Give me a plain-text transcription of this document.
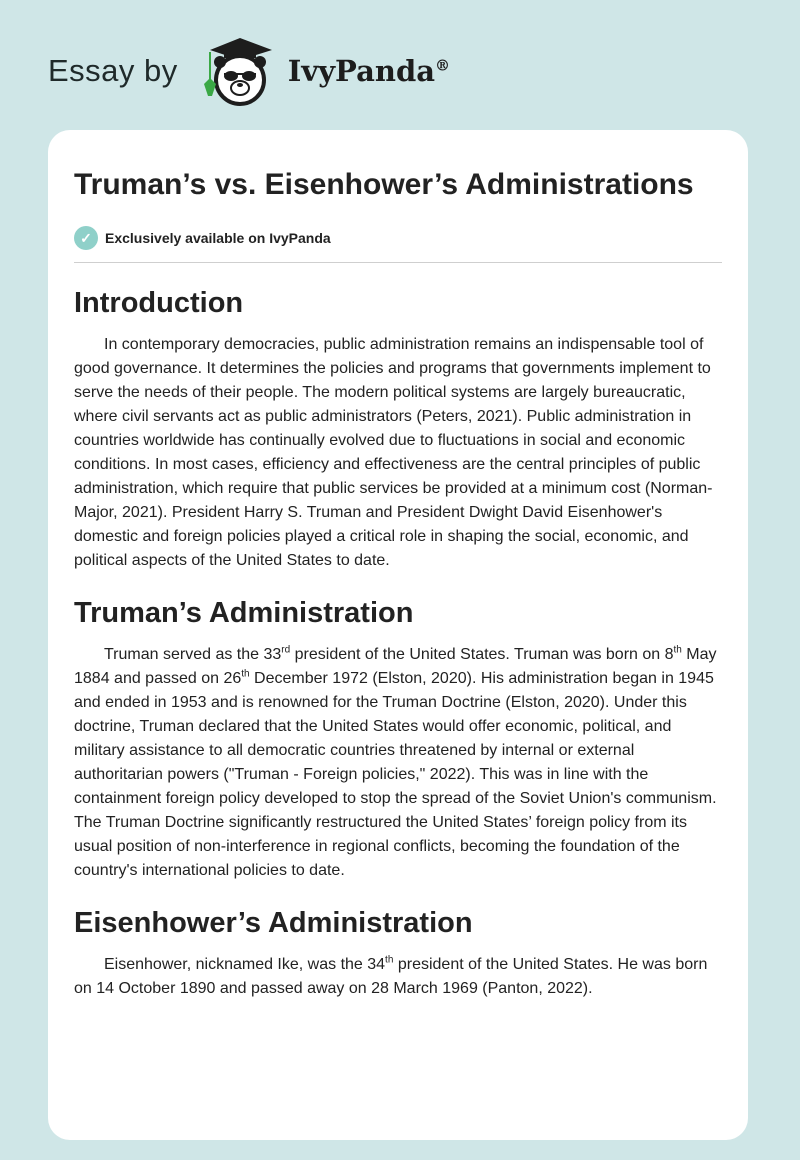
Essay by	IvyPanda®
Truman’s vs. Eisenhower’s Administrations
✓ Exclusively available on IvyPanda
Introduction

In contemporary democracies, public administration remains an indispensable tool of good governance. It determines the policies and programs that governments implement to serve the needs of their people. The modern political systems are largely bureaucratic, where civil servants act as public administrators (Peters, 2021). Public administration in countries worldwide has continually evolved due to fluctuations in social and economic conditions. In most cases, efficiency and effectiveness are the central principles of public administration, which require that public services be provided at a minimum cost (Norman-Major, 2021). President Harry S. Truman and President Dwight David Eisenhower's domestic and foreign policies played a critical role in shaping the social, economic, and political aspects of the United States to date.

Truman’s Administration

Truman served as the 33rd president of the United States. Truman was born on 8th May 1884 and passed on 26th December 1972 (Elston, 2020). His administration began in 1945 and ended in 1953 and is renowned for the Truman Doctrine (Elston, 2020). Under this doctrine, Truman declared that the United States would offer economic, political, and military assistance to all democratic countries threatened by internal or external authoritarian powers ("Truman - Foreign policies," 2022). This was in line with the containment foreign policy developed to stop the spread of the Soviet Union's communism. The Truman Doctrine significantly restructured the United States’ foreign policy from its usual position of non-interference in regional conflicts, becoming the foundation of the country's international policies to date.

Eisenhower’s Administration

Eisenhower, nicknamed Ike, was the 34th president of the United States. He was born on 14 October 1890 and passed away on 28 March 1969 (Panton, 2022).
